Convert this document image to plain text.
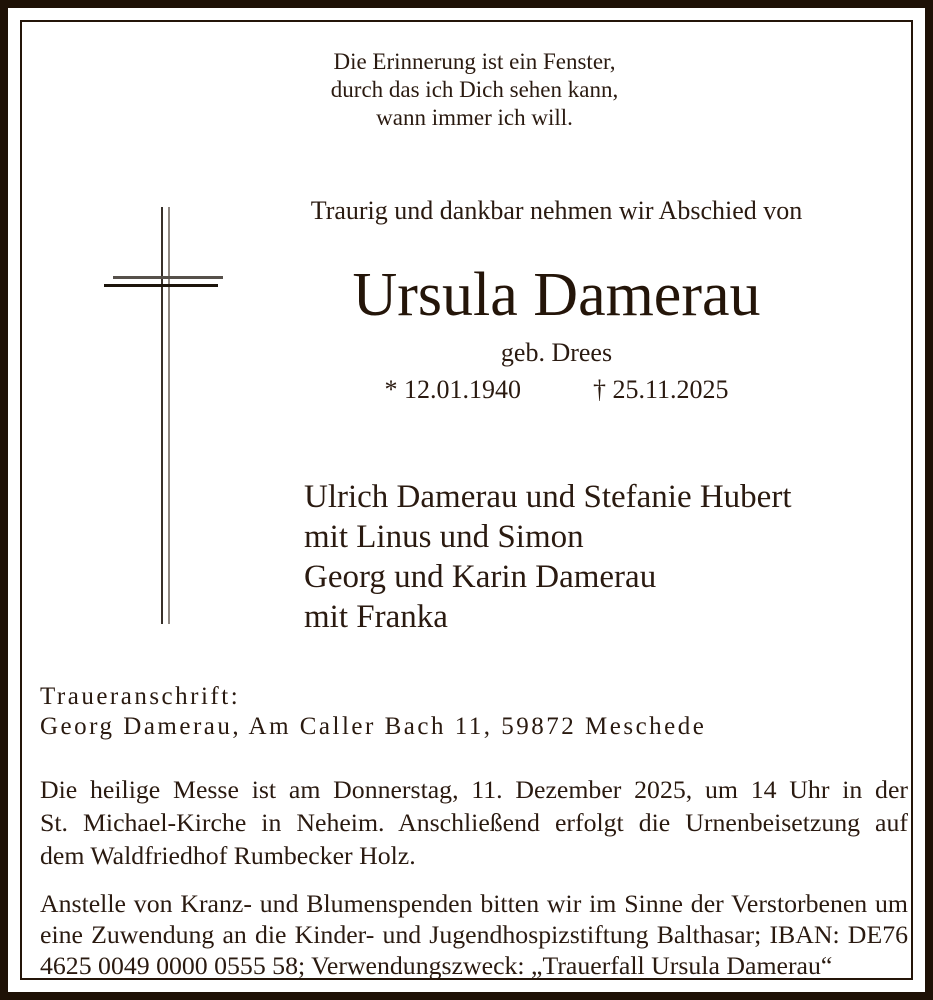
Die Erinnerung ist ein Fenster,
durch das ich Dich sehen kann,
wann immer ich will.
Traurig und dankbar nehmen wir Abschied von
Ursula Damerau
geb. Drees
* 12.01.1940	† 25.11.2025
Ulrich Damerau und Stefanie Hubert
mit Linus und Simon
Georg und Karin Damerau
mit Franka
Traueranschrift:
Georg Damerau, Am Caller Bach 11, 59872 Meschede
Die heilige Messe ist am Donnerstag, 11. Dezember 2025, um 14 Uhr in der
St. Michael-Kirche in Neheim. Anschließend erfolgt die Urnenbeisetzung auf
dem Waldfriedhof Rumbecker Holz.
Anstelle von Kranz- und Blumenspenden bitten wir im Sinne der Verstorbenen um
eine Zuwendung an die Kinder- und Jugendhospizstiftung Balthasar; IBAN: DE76
4625 0049 0000 0555 58; Verwendungszweck: „Trauerfall Ursula Damerau“
